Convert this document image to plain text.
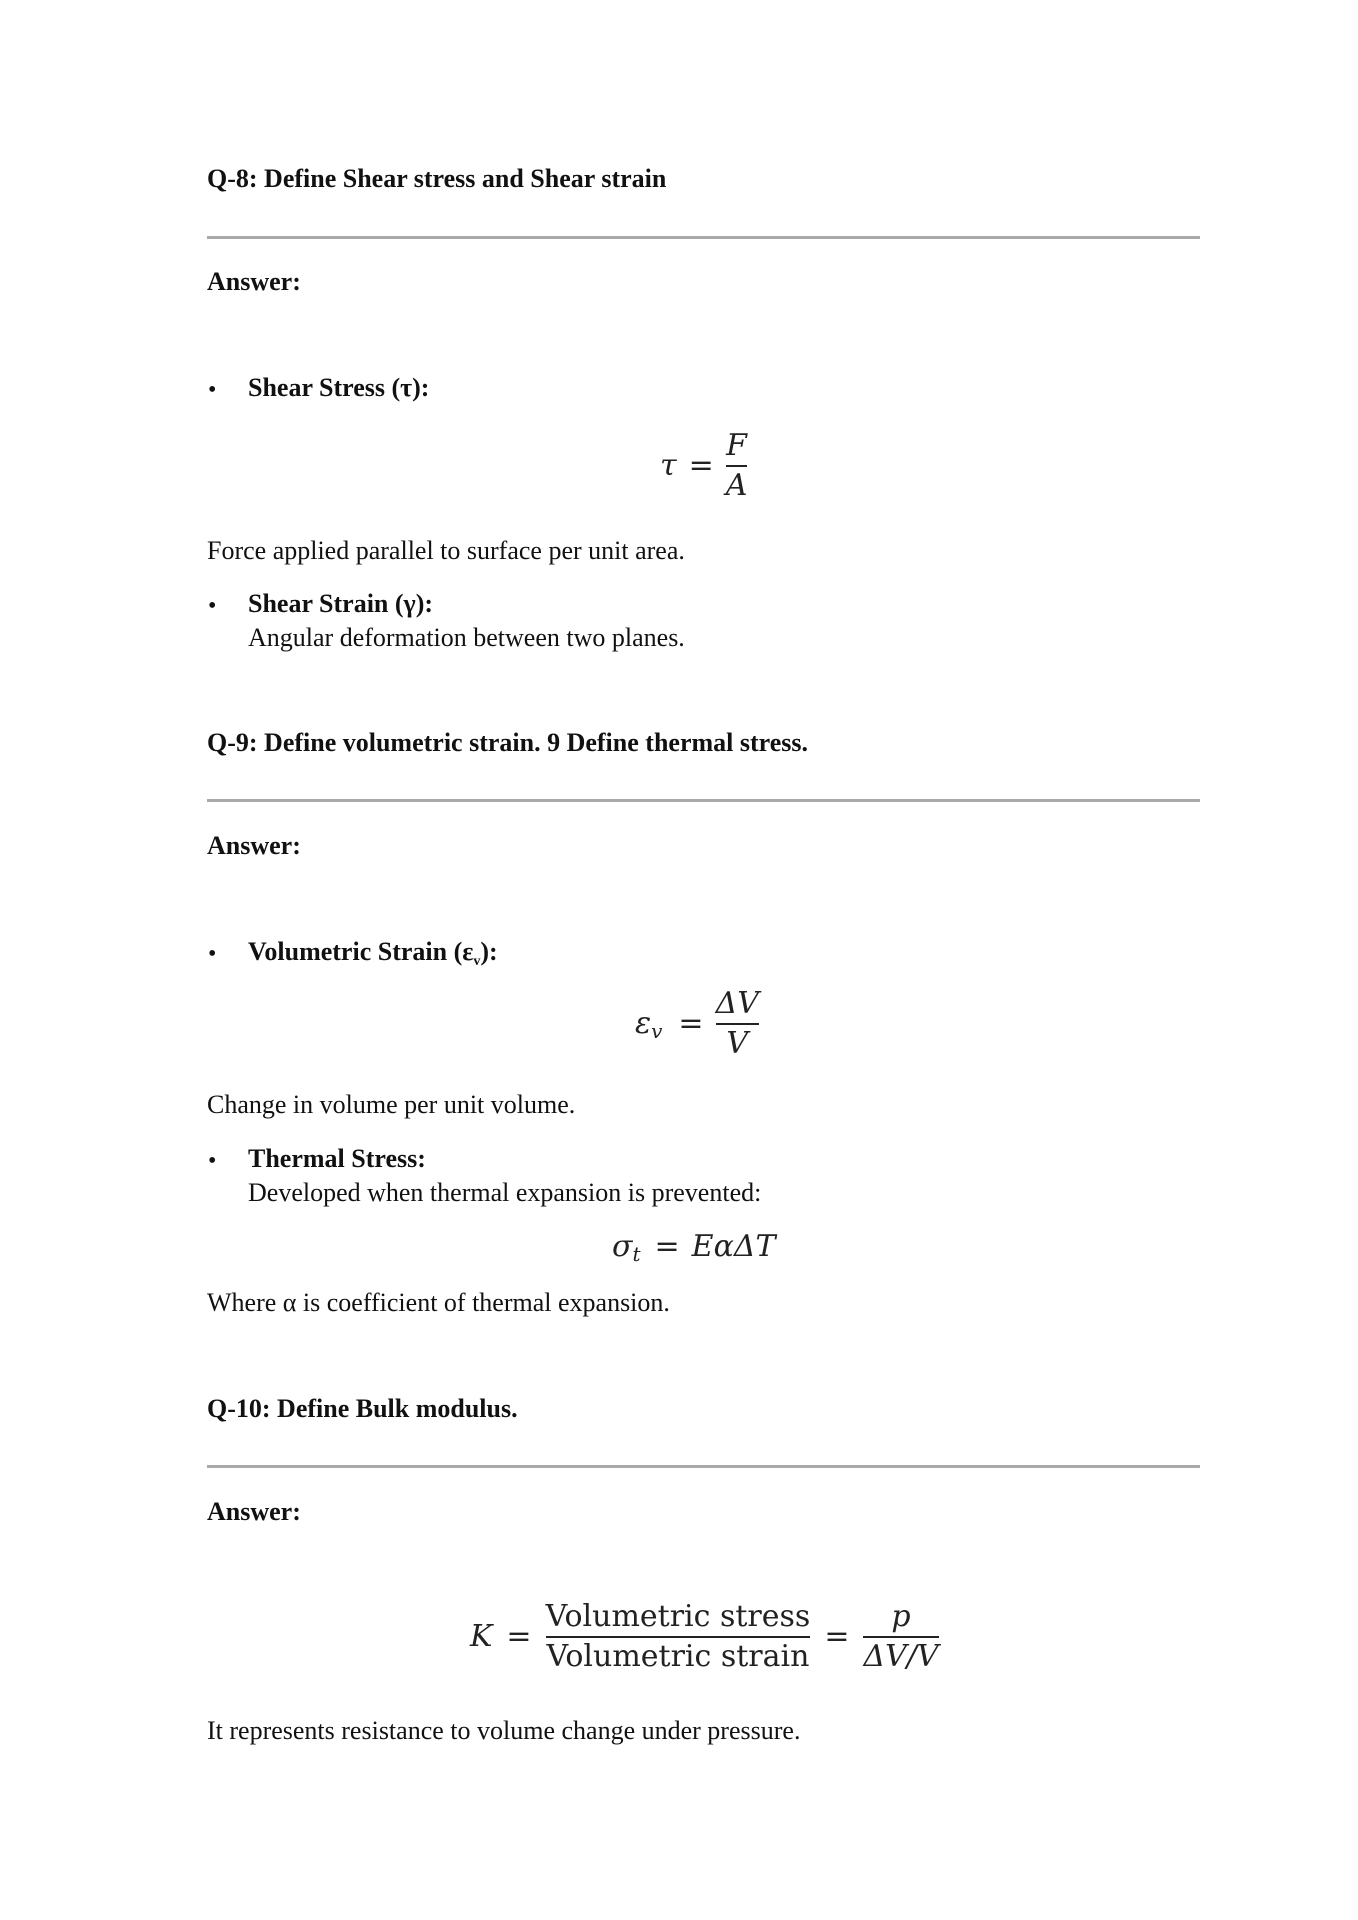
Q-8: Define Shear stress and Shear strain
Answer:
• Shear Stress (τ):
$\tau = \frac{F}{A}$
Force applied parallel to surface per unit area.
• Shear Strain (γ):
Angular deformation between two planes.
Q-9: Define volumetric strain. 9 Define thermal stress.
Answer:
• Volumetric Strain (εv):
ε $v = \frac{\Delta V}{V}$
Change in volume per unit volume.
• Thermal Stress:
Developed when thermal expansion is prevented:
σ t = EαΔT
Where α is coefficient of thermal expansion.
Q-10: Define Bulk modulus.
Answer:
$K = \frac{\text{Volumetric stress}}{\text{Volumetric strain}} = \frac{p}{\Delta V/V}$
It represents resistance to volume change under pressure.
